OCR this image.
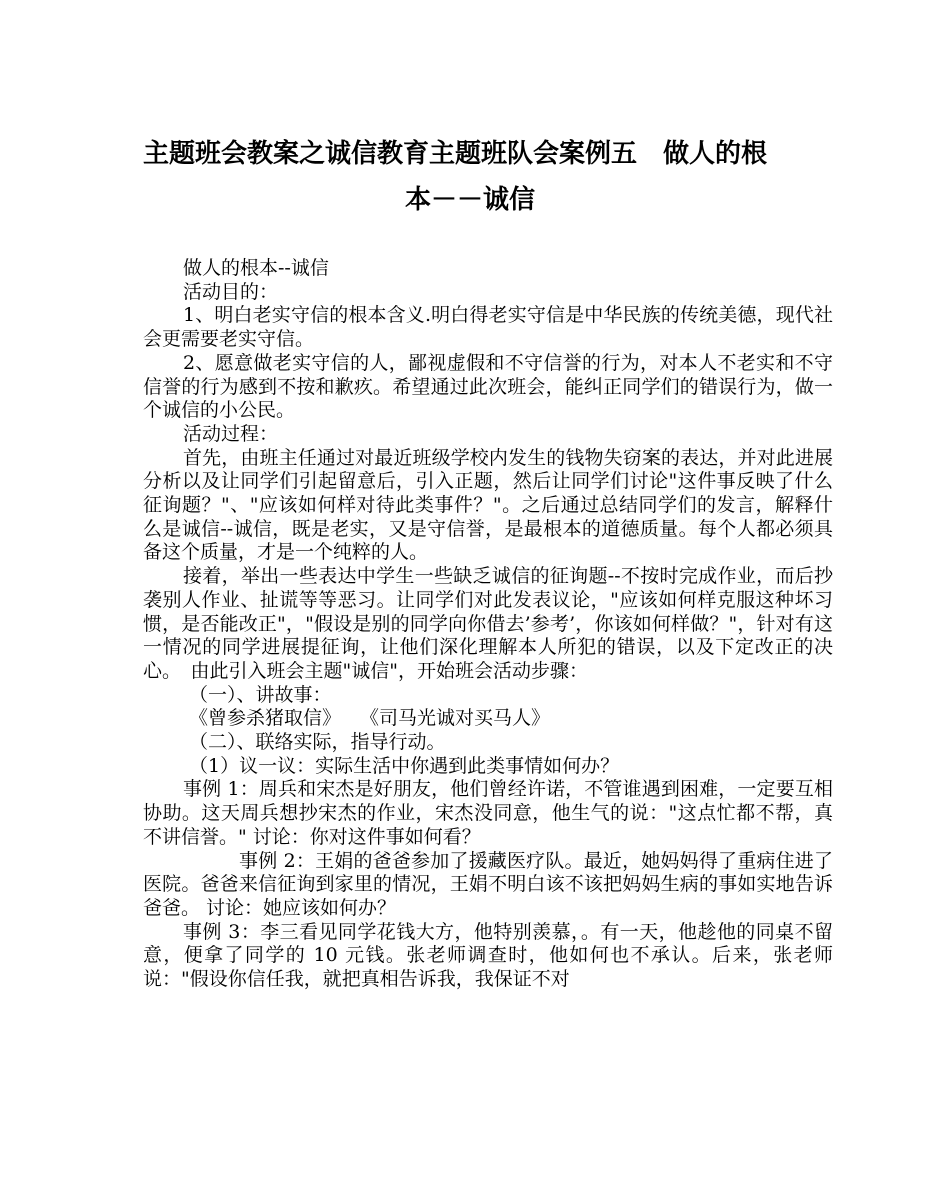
主题班会教案之诚信教育主题班队会案例五　做人的根
本－－诚信

做人的根本--诚信

活动目的：

1、明白老实守信的根本含义.明白得老实守信是中华民族的传统美德，现代社会更需要老实守信。

2、愿意做老实守信的人，鄙视虚假和不守信誉的行为，对本人不老实和不守信誉的行为感到不按和歉疚。希望通过此次班会，能纠正同学们的错误行为，做一个诚信的小公民。

活动过程：

首先，由班主任通过对最近班级学校内发生的钱物失窃案的表达，并对此进展分析以及让同学们引起留意后，引入正题，然后让同学们讨论"这件事反映了什么征询题？"、"应该如何样对待此类事件？"。之后通过总结同学们的发言，解释什么是诚信--诚信，既是老实，又是守信誉，是最根本的道德质量。每个人都必须具备这个质量，才是一个纯粹的人。

接着，举出一些表达中学生一些缺乏诚信的征询题--不按时完成作业，而后抄袭别人作业、扯谎等等恶习。让同学们对此发表议论，"应该如何样克服这种坏习惯，是否能改正"，"假设是别的同学向你借去’参考’，你该如何样做？"，针对有这一情况的同学进展提征询，让他们深化理解本人所犯的错误，以及下定改正的决心。　由此引入班会主题"诚信"，开始班会活动步骤：

（一）、讲故事：

《曾参杀猪取信》　　《司马光诚对买马人》

（二）、联络实际，指导行动。

（1）议一议：实际生活中你遇到此类事情如何办？

事例 1：周兵和宋杰是好朋友，他们曾经许诺，不管谁遇到困难，一定要互相协助。这天周兵想抄宋杰的作业，宋杰没同意，他生气的说："这点忙都不帮，真不讲信誉。" 讨论：你对这件事如何看？

事例 2：王娟的爸爸参加了援藏医疗队。最近，她妈妈得了重病住进了医院。爸爸来信征询到家里的情况，王娟不明白该不该把妈妈生病的事如实地告诉爸爸。 讨论：她应该如何办？

事例 3：李三看见同学花钱大方，他特别羡慕，。有一天，他趁他的同桌不留意，便拿了同学的 10 元钱。张老师调查时，他如何也不承认。后来，张老师说："假设你信任我，就把真相告诉我，我保证不对
